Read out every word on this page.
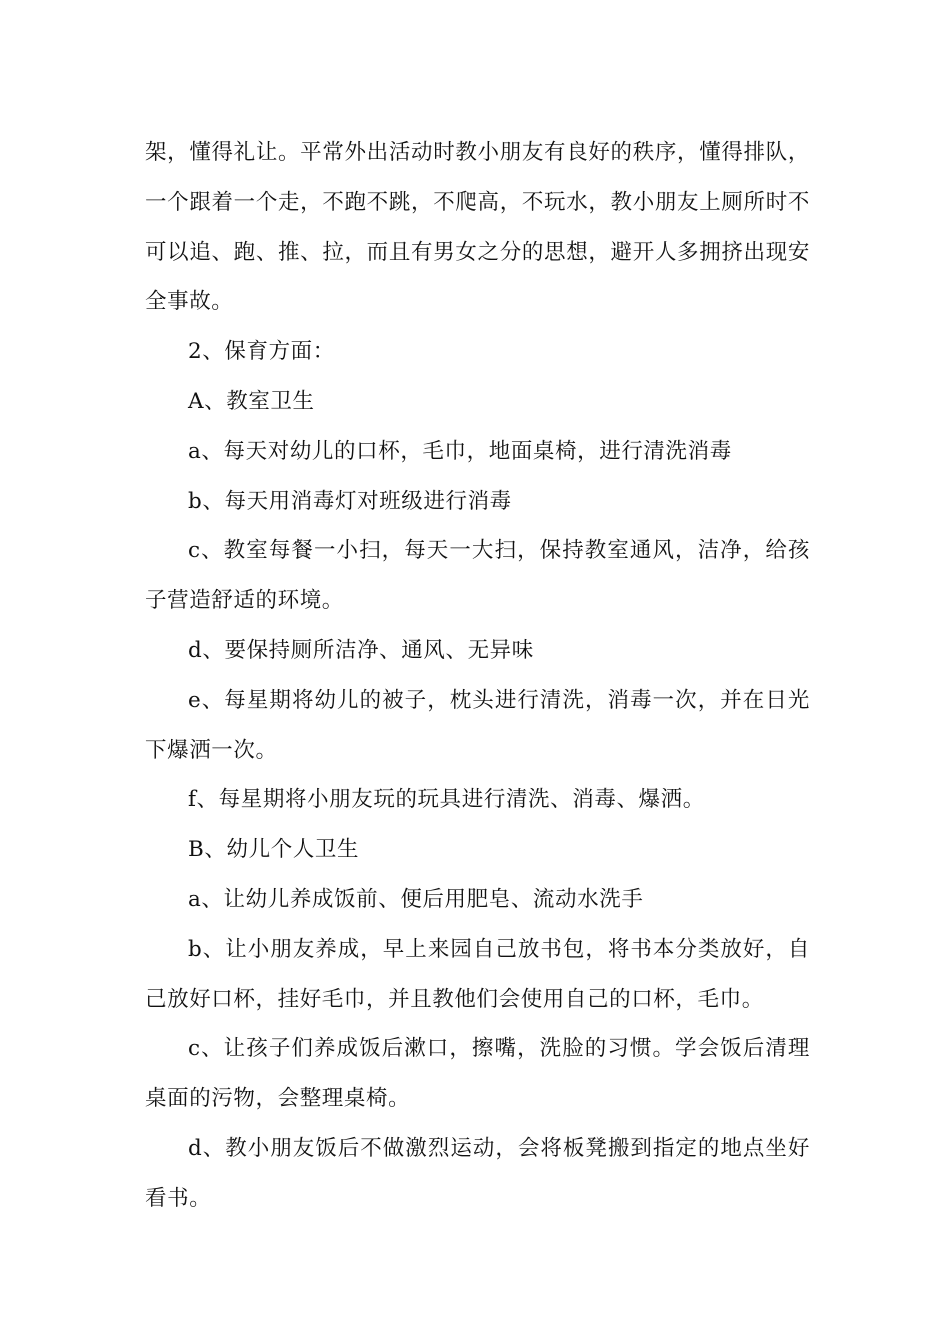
架，懂得礼让。平常外出活动时教小朋友有良好的秩序，懂得排队，一个跟着一个走，不跑不跳，不爬高，不玩水，教小朋友上厕所时不可以追、跑、推、拉，而且有男女之分的思想，避开人多拥挤出现安全事故。

2、保育方面：

A、教室卫生

a、每天对幼儿的口杯，毛巾，地面桌椅，进行清洗消毒

b、每天用消毒灯对班级进行消毒

c、教室每餐一小扫，每天一大扫，保持教室通风，洁净，给孩子营造舒适的环境。

d、要保持厕所洁净、通风、无异味

e、每星期将幼儿的被子，枕头进行清洗，消毒一次，并在日光下爆洒一次。

f、每星期将小朋友玩的玩具进行清洗、消毒、爆洒。

B、幼儿个人卫生

a、让幼儿养成饭前、便后用肥皂、流动水洗手

b、让小朋友养成，早上来园自己放书包，将书本分类放好，自己放好口杯，挂好毛巾，并且教他们会使用自己的口杯，毛巾。

c、让孩子们养成饭后漱口，擦嘴，洗脸的习惯。学会饭后清理桌面的污物，会整理桌椅。

d、教小朋友饭后不做激烈运动，会将板凳搬到指定的地点坐好看书。
